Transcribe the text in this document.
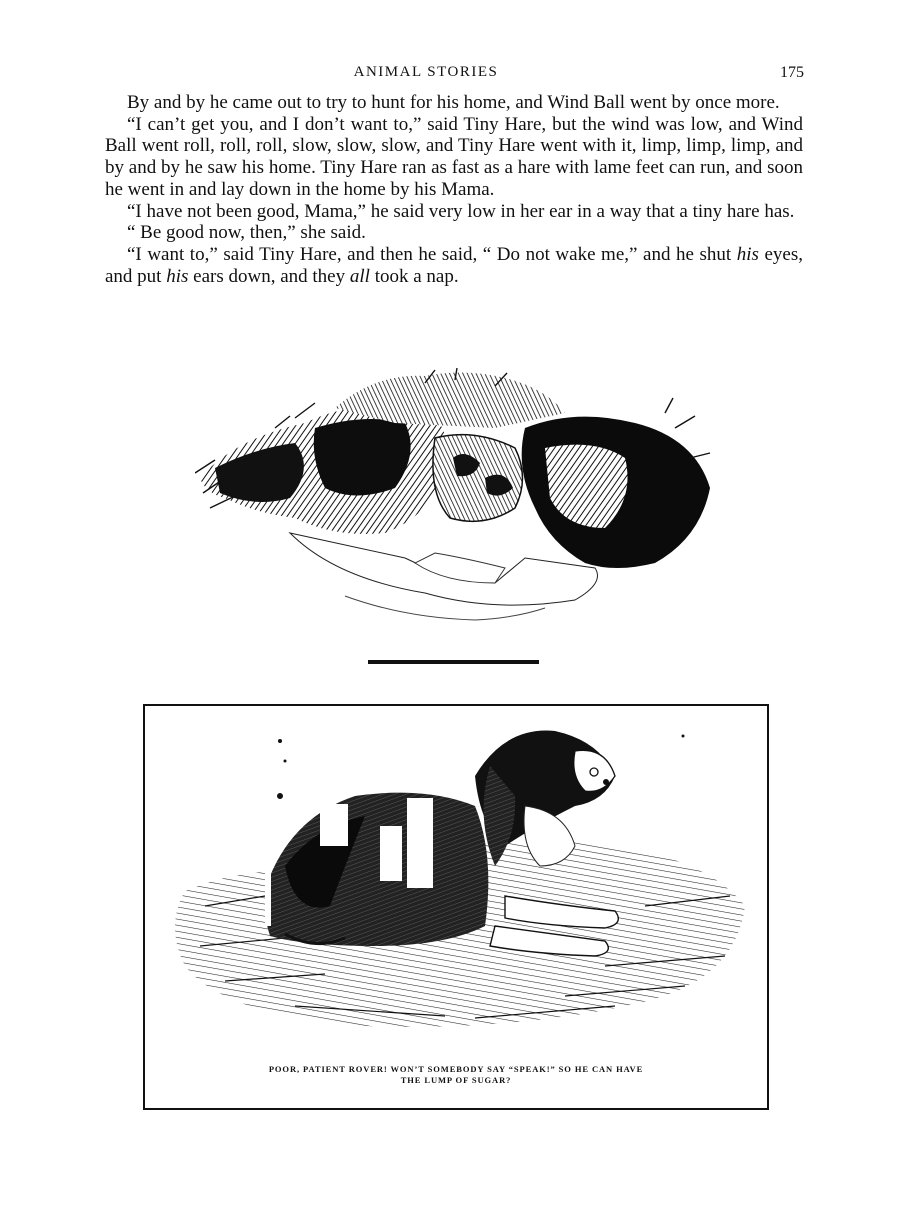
ANIMAL STORIES	175

By and by he came out to try to hunt for his home, and Wind Ball went by once more.

“I can’t get you, and I don’t want to,” said Tiny Hare, but the wind was low, and Wind Ball went roll, roll, roll, slow, slow, slow, and Tiny Hare went with it, limp, limp, limp, and by and by he saw his home. Tiny Hare ran as fast as a hare with lame feet can run, and soon he went in and lay down in the home by his Mama.

“I have not been good, Mama,” he said very low in her ear in a way that a tiny hare has.

“ Be good now, then,” she said.

“I want to,” said Tiny Hare, and then he said, “ Do not wake me,” and he shut his eyes, and put his ears down, and they all took a nap.

POOR, PATIENT ROVER! WON’T SOMEBODY SAY “SPEAK!” SO HE CAN HAVE
THE LUMP OF SUGAR?
